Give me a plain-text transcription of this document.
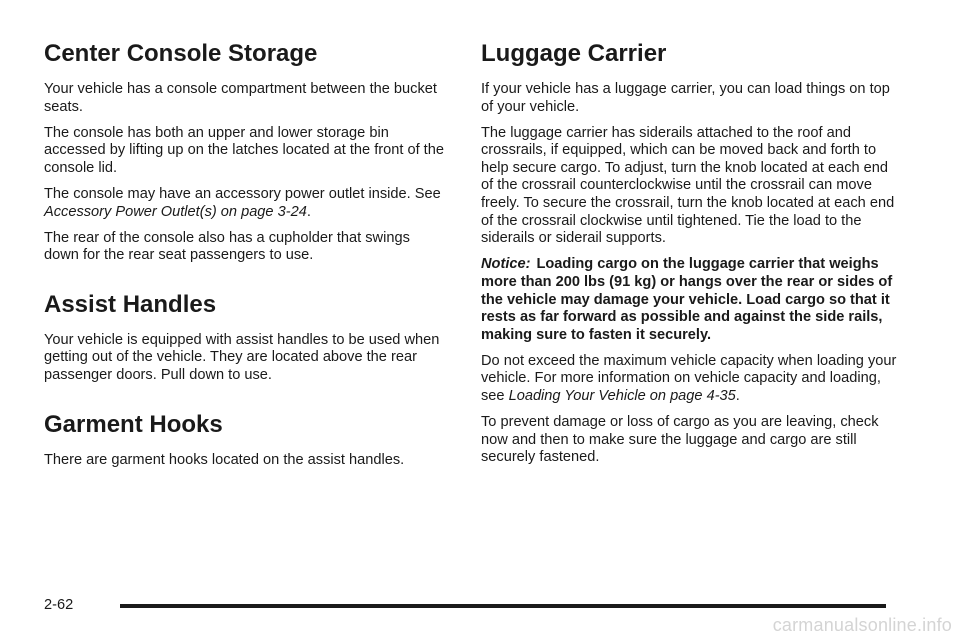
Center Console Storage

Your vehicle has a console compartment between the bucket seats.

The console has both an upper and lower storage bin accessed by lifting up on the latches located at the front of the console lid.

The console may have an accessory power outlet inside. See Accessory Power Outlet(s) on page 3-24.

The rear of the console also has a cupholder that swings down for the rear seat passengers to use.

Assist Handles

Your vehicle is equipped with assist handles to be used when getting out of the vehicle. They are located above the rear passenger doors. Pull down to use.

Garment Hooks

There are garment hooks located on the assist handles.

Luggage Carrier

If your vehicle has a luggage carrier, you can load things on top of your vehicle.

The luggage carrier has siderails attached to the roof and crossrails, if equipped, which can be moved back and forth to help secure cargo. To adjust, turn the knob located at each end of the crossrail counterclockwise until the crossrail can move freely. To secure the crossrail, turn the knob located at each end of the crossrail clockwise until tightened. Tie the load to the siderails or siderail supports.

Notice: Loading cargo on the luggage carrier that weighs more than 200 lbs (91 kg) or hangs over the rear or sides of the vehicle may damage your vehicle. Load cargo so that it rests as far forward as possible and against the side rails, making sure to fasten it securely.

Do not exceed the maximum vehicle capacity when loading your vehicle. For more information on vehicle capacity and loading, see Loading Your Vehicle on page 4-35.

To prevent damage or loss of cargo as you are leaving, check now and then to make sure the luggage and cargo are still securely fastened.

2-62
carmanualsonline.info
